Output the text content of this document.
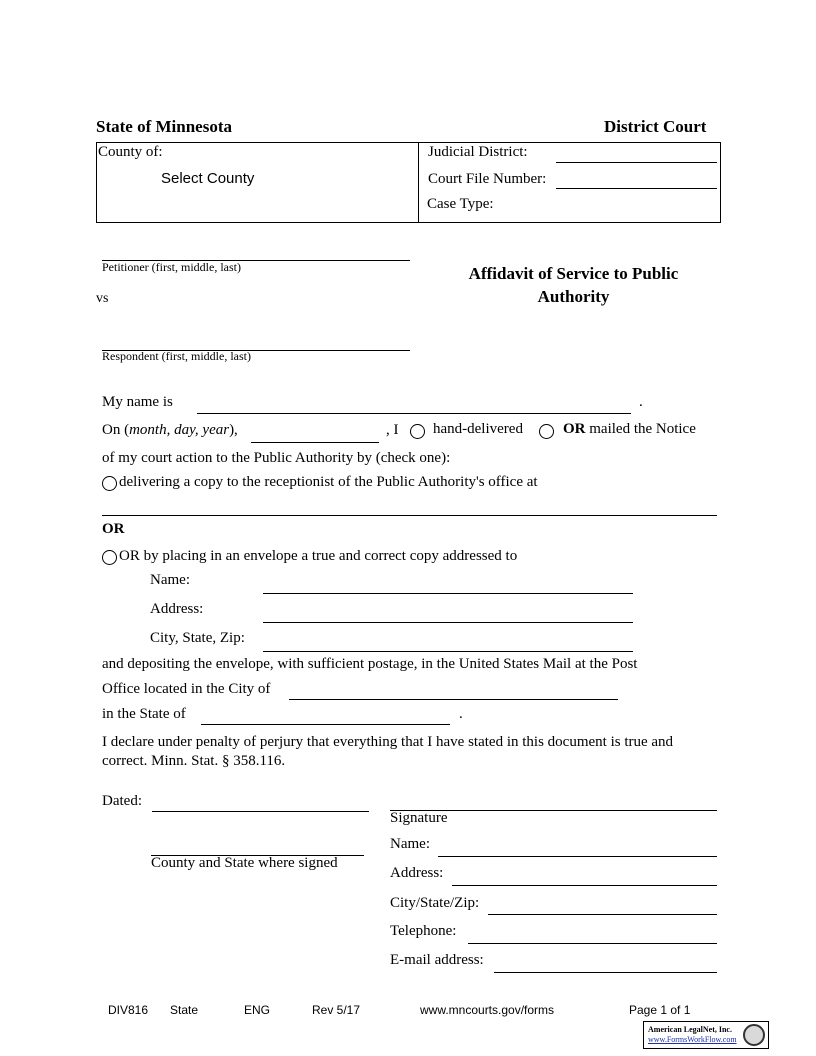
State of Minnesota	District Court
County of:
Select County
Judicial District:
Court File Number:
Case Type:
Petitioner (first, middle, last)
vs
Respondent (first, middle, last)
Affidavit of Service to Public
Authority
My name is	.
On (month, day, year),	, I hand-delivered	OR mailed the Notice
of my court action to the Public Authority by (check one):
delivering a copy to the receptionist of the Public Authority's office at
OR
OR by placing in an envelope a true and correct copy addressed to
Name:
Address:
City, State, Zip:
and depositing the envelope, with sufficient postage, in the United States Mail at the Post
Office located in the City of
in the State of	.
I declare under penalty of perjury that everything that I have stated in this document is true and
correct. Minn. Stat. § 358.116.
Dated:
County and State where signed
Signature
Name:
Address:
City/State/Zip:
Telephone:
E-mail address:
DIV816 State	ENG	Rev 5/17	www.mncourts.gov/forms	Page 1 of 1
American LegalNet, Inc.
www.FormsWorkFlow.com
